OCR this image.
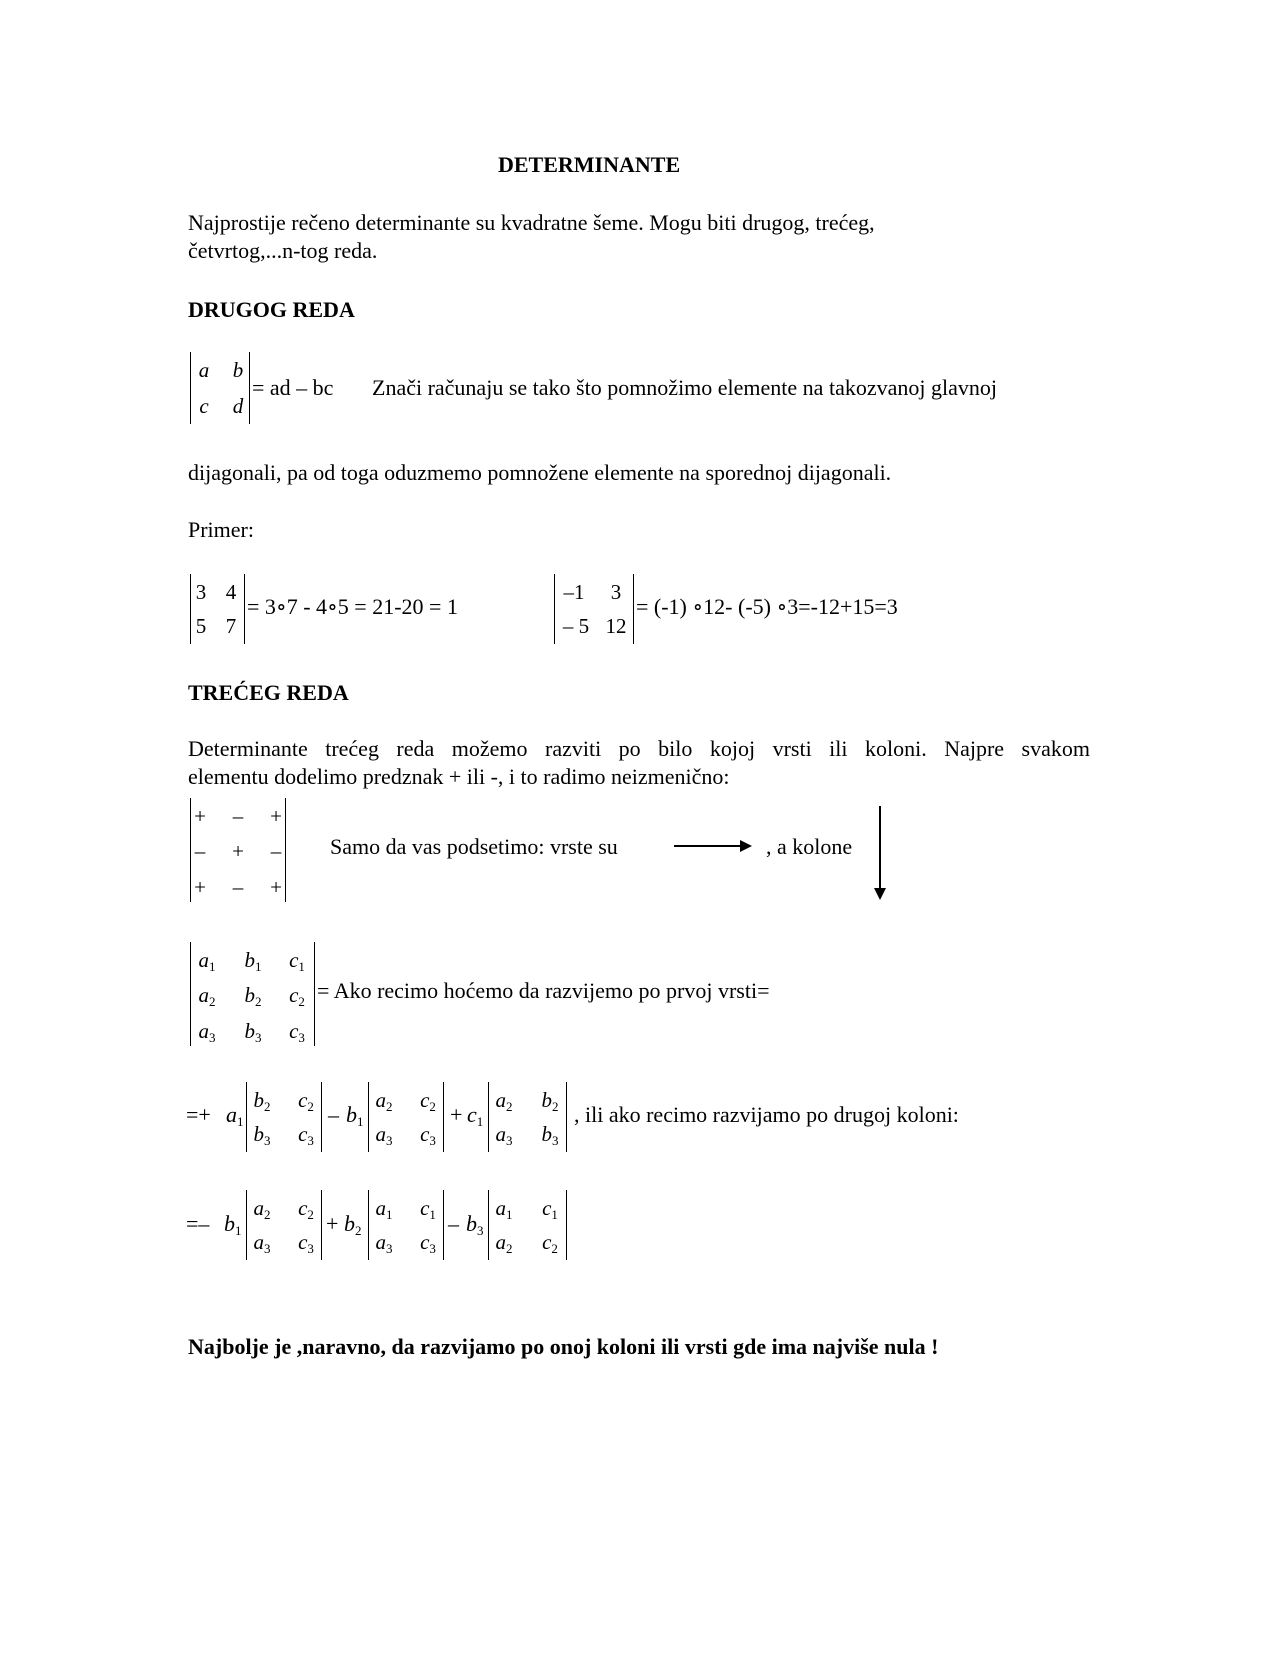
DETERMINANTE
Najprostije rečeno determinante su kvadratne šeme. Mogu biti drugog, trećeg,
četvrtog,...n-tog reda.
DRUGOG REDA
a b
c d
= ad – bc Znači računaju se tako što pomnožimo elemente na takozvanoj glavnoj
dijagonali, pa od toga oduzmemo pomnožene elemente na sporednoj dijagonali.
Primer:
3 4
5 7
= 3∘7 - 4∘5 = 21-20 = 1
–1	3
– 5 12
= (-1) ∘12- (-5) ∘3=-12+15=3
TREĆEG REDA
Determinante trećeg reda možemo razviti po bilo kojoj vrsti ili koloni. Najpre svakom
elementu dodelimo predznak + ili -, i to radimo neizmenično:
+ – +
– + –
+ – +
Samo da vas podsetimo: vrste su	, a kolone
$a_1$ $b_1$ $c_1$
$a_2$ $b_2$ $c_2$
$a_3$ $b_3$ $c_3$
= Ako recimo hoćemo da razvijemo po prvoj vrsti=
=+ $a_1$
$b_2$ $c_2$
$b_3$ $c_3$
– $b_1$
$a_2$ $c_2$
$a_3$ $c_3$
+ $c_1$
$a_2$ $b_2$
$a_3$ $b_3$
, ili ako recimo razvijamo po drugoj koloni:
=– $b_1$
$a_2$ $c_2$
$a_3$ $c_3$
+ $b_2$
$a_1$ $c_1$
$a_3$ $c_3$
– $b_3$
$a_1$ $c_1$
$a_2$ $c_2$
Najbolje je ,naravno, da razvijamo po onoj koloni ili vrsti gde ima najviše nula !
